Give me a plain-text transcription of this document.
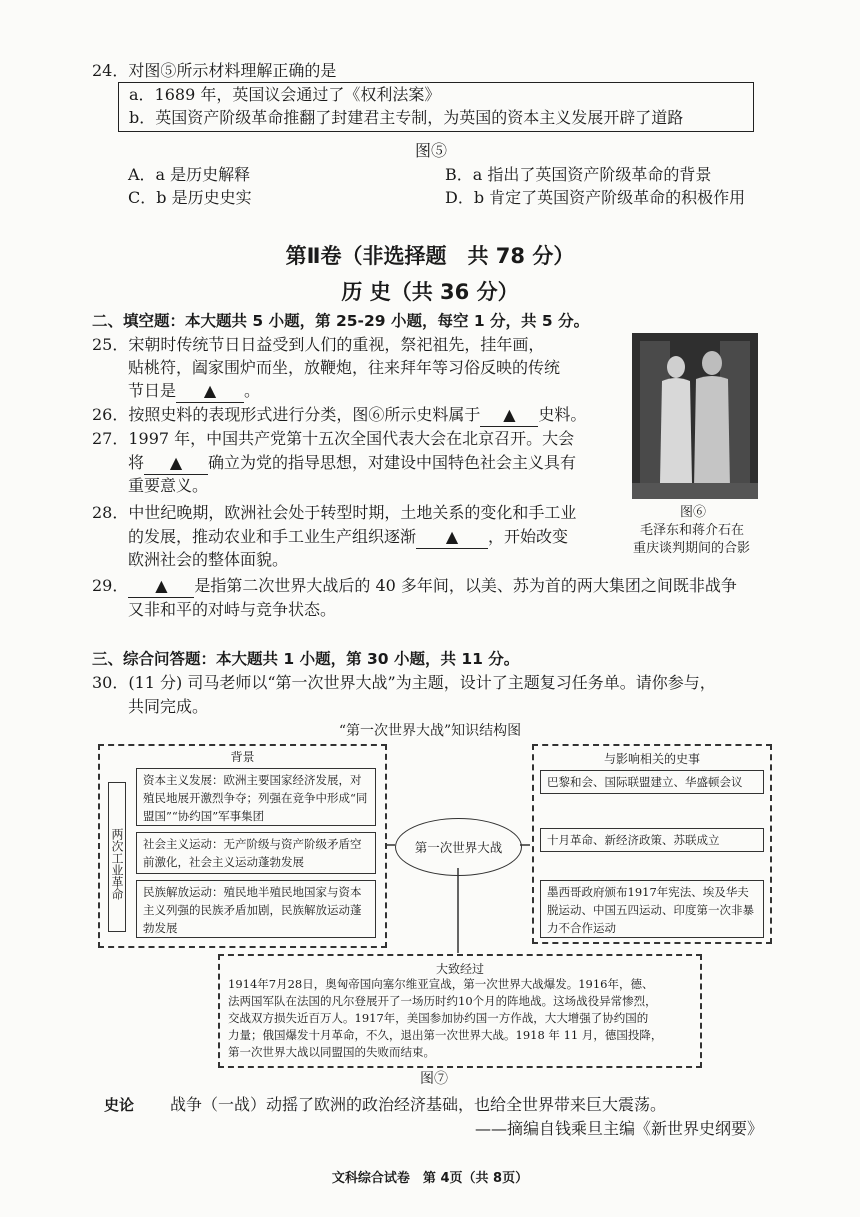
24．对图⑤所示材料理解正确的是
a．1689 年，英国议会通过了《权利法案》
b．英国资产阶级革命推翻了封建君主专制，为英国的资本主义发展开辟了道路
图⑤
A．a 是历史解释	B．a 指出了英国资产阶级革命的背景
C．b 是历史史实	D．b 肯定了英国资产阶级革命的积极作用
第Ⅱ卷（非选择题　共 78 分）
历 史（共 36 分）
二、填空题：本大题共 5 小题，第 25-29 小题，每空 1 分，共 5 分。
25．宋朝时传统节日日益受到人们的重视，祭祀祖先，挂年画，
贴桃符，阖家围炉而坐，放鞭炮，往来拜年等习俗反映的传统
节日是 ▲ 。
26．按照史料的表现形式进行分类，图⑥所示史料属于 ▲ 史料。
27．1997 年，中国共产党第十五次全国代表大会在北京召开。大会
将 ▲ 确立为党的指导思想，对建设中国特色社会主义具有
重要意义。
28．中世纪晚期，欧洲社会处于转型时期，土地关系的变化和手工业
的发展，推动农业和手工业生产组织逐渐 ▲ ，开始改变
欧洲社会的整体面貌。
29． ▲ 是指第二次世界大战后的 40 多年间，以美、苏为首的两大集团之间既非战争
又非和平的对峙与竞争状态。
图⑥
毛泽东和蒋介石在
重庆谈判期间的合影
三、综合问答题：本大题共 1 小题，第 30 小题，共 11 分。
30．(11 分) 司马老师以“第一次世界大战”为主题，设计了主题复习任务单。请你参与，
共同完成。
“第一次世界大战”知识结构图
背景
两次工业革命
资本主义发展：欧洲主要国家经济发展，对殖民地展开激烈争夺；列强在竞争中形成“同盟国”“协约国”军事集团
社会主义运动：无产阶级与资产阶级矛盾空前激化，社会主义运动蓬勃发展
民族解放运动：殖民地半殖民地国家与资本主义列强的民族矛盾加剧，民族解放运动蓬勃发展
第一次世界大战
与影响相关的史事
巴黎和会、国际联盟建立、华盛顿会议
十月革命、新经济政策、苏联成立
墨西哥政府颁布1917年宪法、埃及华夫脱运动、中国五四运动、印度第一次非暴力不合作运动
大致经过
1914年7月28日，奥匈帝国向塞尔维亚宣战，第一次世界大战爆发。1916年，德、
法两国军队在法国的凡尔登展开了一场历时约10个月的阵地战。这场战役异常惨烈，
交战双方损失近百万人。1917年，美国参加协约国一方作战，大大增强了协约国的
力量；俄国爆发十月革命，不久，退出第一次世界大战。1918 年 11 月，德国投降，
第一次世界大战以同盟国的失败而结束。
图⑦
史论 战争（一战）动摇了欧洲的政治经济基础，也给全世界带来巨大震荡。
——摘编自钱乘旦主编《新世界史纲要》
文科综合试卷　第 4页（共 8页）
